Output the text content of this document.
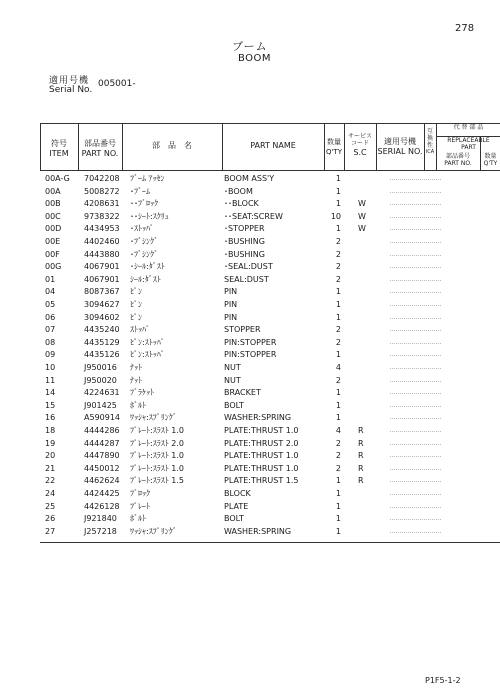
278
ブーム
BOOM
適用号機
Serial No.
005001-
符号
ITEM
部品番号
PART NO.
部　品　名	PART NAME	数量
Q'TY
サービス
コード
S.C
適用号機
SERIAL NO.
互
換
性
ICA
代 替 部 品
REPLACEABLE
PART
部品番号
PART NO.
数量
Q'TY
00A-G 7042208 ﾌﾞｰﾑ ｱｯｾﾝ	BOOM ASS'Y	1
00A	5008272 ･ﾌﾞｰﾑ	･BOOM	1
00B	4208631 ･･ﾌﾞﾛｯｸ	･･BLOCK	1 W
00C	9738322 ･･ｼｰﾄ:ｽｸﾘｭ	･･SEAT:SCREW	10 W
00D	4434953 ･ｽﾄｯﾊﾟ	･STOPPER	1 W
00E	4402460 ･ﾌﾞｼﾝｸﾞ	･BUSHING	2
00F	4443880 ･ﾌﾞｼﾝｸﾞ	･BUSHING	2
00G	4067901 ･ｼｰﾙ:ﾀﾞｽﾄ	･SEAL:DUST	2
01	4067901 ｼｰﾙ:ﾀﾞｽﾄ	SEAL:DUST	2
04	8087367 ﾋﾟﾝ	PIN	1
05	3094627 ﾋﾟﾝ	PIN	1
06	3094602 ﾋﾟﾝ	PIN	1
07	4435240 ｽﾄｯﾊﾟ	STOPPER	2
08	4435129 ﾋﾟﾝ:ｽﾄｯﾊﾟ	PIN:STOPPER	2
09	4435126 ﾋﾟﾝ:ｽﾄｯﾊﾟ	PIN:STOPPER	1
10	J950016 ﾅｯﾄ	NUT	4
11	J950020 ﾅｯﾄ	NUT	2
14	4224631 ﾌﾞﾗｹｯﾄ	BRACKET	1
15	J901425 ﾎﾞﾙﾄ	BOLT	1
16	A590914 ﾜｯｼｬ:ｽﾌﾟﾘﾝｸﾞ	WASHER:SPRING	1
18	4444286 ﾌﾟﾚｰﾄ:ｽﾗｽﾄ 1.0	PLATE:THRUST 1.0	4 R
19	4444287 ﾌﾟﾚｰﾄ:ｽﾗｽﾄ 2.0	PLATE:THRUST 2.0	2 R
20	4447890 ﾌﾟﾚｰﾄ:ｽﾗｽﾄ 1.0	PLATE:THRUST 1.0	2 R
21	4450012 ﾌﾟﾚｰﾄ:ｽﾗｽﾄ 1.0	PLATE:THRUST 1.0	2 R
22	4462624 ﾌﾟﾚｰﾄ:ｽﾗｽﾄ 1.5	PLATE:THRUST 1.5	1 R
24	4424425 ﾌﾞﾛｯｸ	BLOCK	1
25	4426128 ﾌﾟﾚｰﾄ	PLATE	1
26	J921840 ﾎﾞﾙﾄ	BOLT	1
27	J257218 ﾜｯｼｬ:ｽﾌﾟﾘﾝｸﾞ	WASHER:SPRING	1
P1F5-1-2
